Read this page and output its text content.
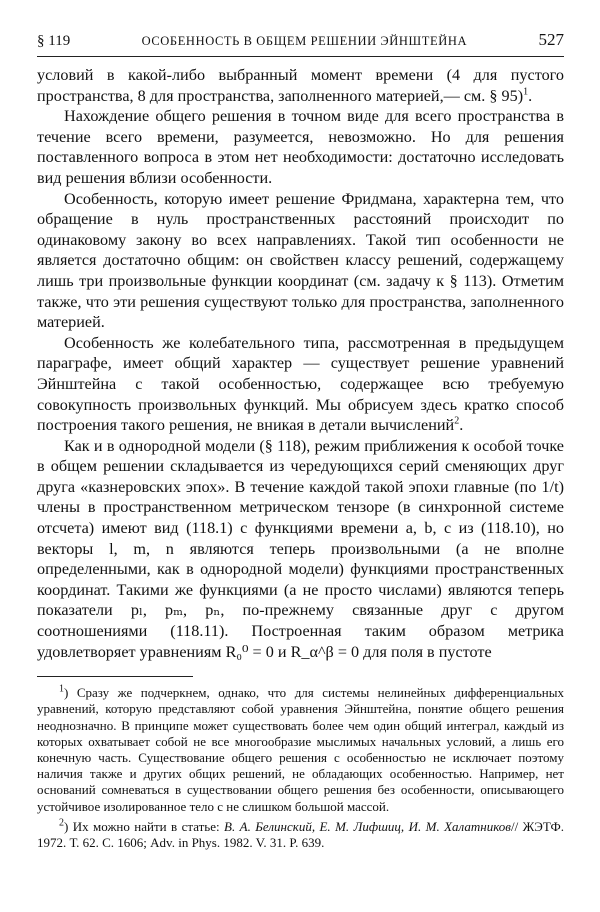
§ 119	ОСОБЕННОСТЬ В ОБЩЕМ РЕШЕНИИ ЭЙНШТЕЙНА	527

условий в какой-либо выбранный момент времени (4 для пустого пространства, 8 для пространства, заполненного материей,— см. § 95)$^1$.

Нахождение общего решения в точном виде для всего пространства в течение всего времени, разумеется, невозможно. Но для решения поставленного вопроса в этом нет необходимости: достаточно исследовать вид решения вблизи особенности.

Особенность, которую имеет решение Фридмана, характерна тем, что обращение в нуль пространственных расстояний происходит по одинаковому закону во всех направлениях. Такой тип особенности не является достаточно общим: он свойствен классу решений, содержащему лишь три произвольные функции координат (см. задачу к § 113). Отметим также, что эти решения существуют только для пространства, заполненного материей.

Особенность же колебательного типа, рассмотренная в предыдущем параграфе, имеет общий характер — существует решение уравнений Эйнштейна с такой особенностью, содержащее всю требуемую совокупность произвольных функций. Мы обрисуем здесь кратко способ построения такого решения, не вникая в детали вычислений$^2$.

Как и в однородной модели (§ 118), режим приближения к особой точке в общем решении складывается из чередующихся серий сменяющих друг друга «казнеровских эпох». В течение каждой такой эпохи главные (по 1/t) члены в пространственном метрическом тензоре (в синхронной системе отсчета) имеют вид (118.1) с функциями времени a, b, c из (118.10), но векторы l, m, n являются теперь произвольными (а не вполне определенными, как в однородной модели) функциями пространственных координат. Такими же функциями (а не просто числами) являются теперь показатели pₗ, pₘ, pₙ, по-прежнему связанные друг с другом соотношениями (118.11). Построенная таким образом метрика удовлетворяет уравнениям R₀⁰ = 0 и R_α^β = 0 для поля в пустоте

$^1$) Сразу же подчеркнем, однако, что для системы нелинейных дифференциальных уравнений, которую представляют собой уравнения Эйнштейна, понятие общего решения неоднозначно. В принципе может существовать более чем один общий интеграл, каждый из которых охватывает собой не все многообразие мыслимых начальных условий, а лишь его конечную часть. Существование общего решения с особенностью не исключает поэтому наличия также и других общих решений, не обладающих особенностью. Например, нет оснований сомневаться в существовании общего решения без особенности, описывающего устойчивое изолированное тело с не слишком большой массой.

$^2$) Их можно найти в статье: В. А. Белинский, Е. М. Лифшиц, И. М. Халатников// ЖЭТФ. 1972. Т. 62. С. 1606; Adv. in Phys. 1982. V. 31. P. 639.
